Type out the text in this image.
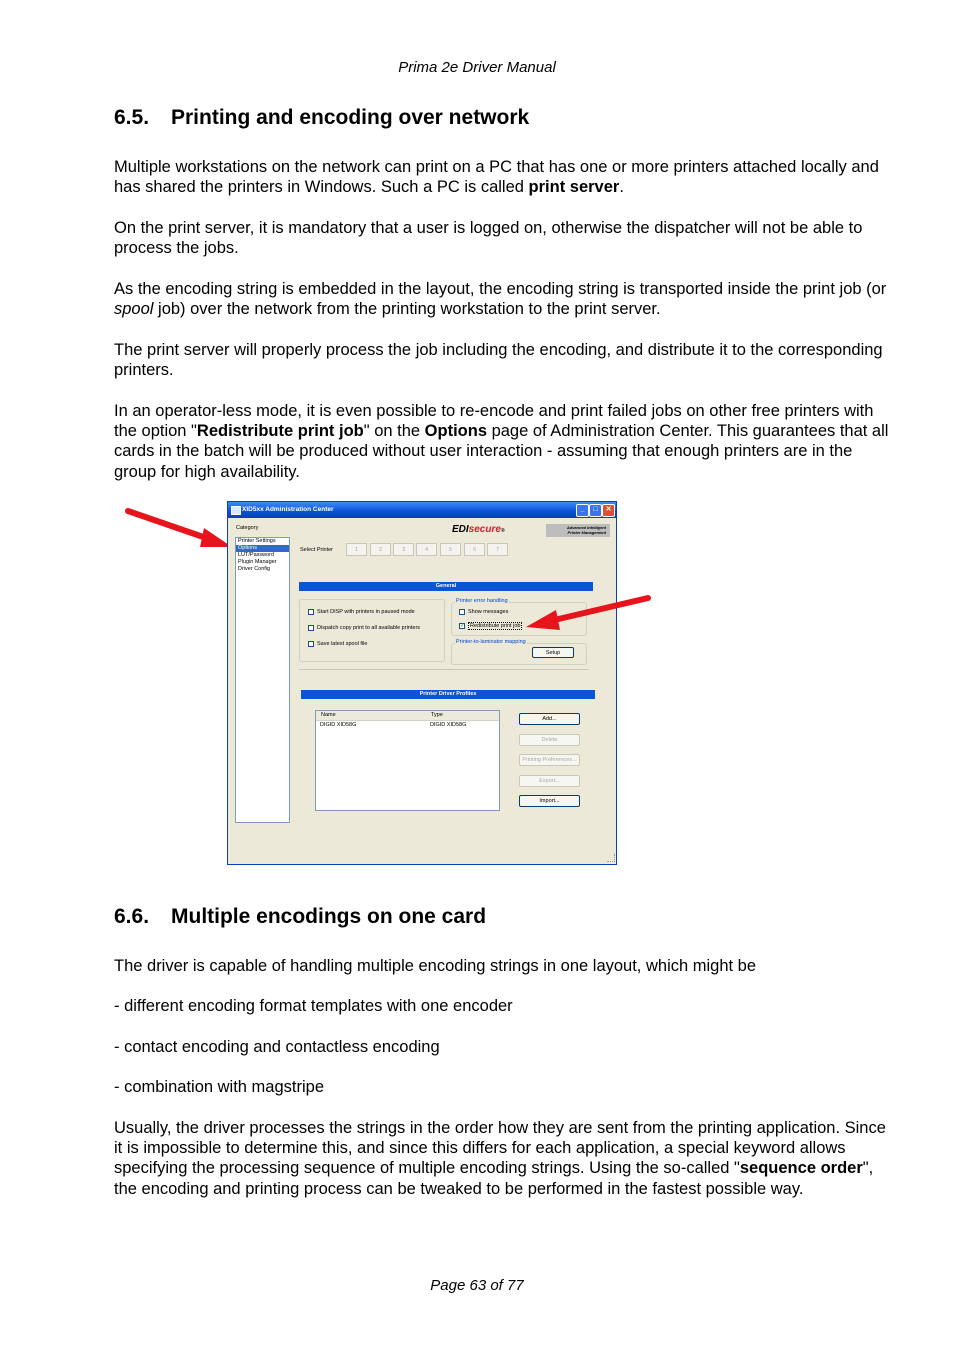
Prima 2e Driver Manual
6.5. Printing and encoding over network

Multiple workstations on the network can print on a PC that has one or more printers attached locally and has shared the printers in Windows. Such a PC is called print server.

On the print server, it is mandatory that a user is logged on, otherwise the dispatcher will not be able to process the jobs.

As the encoding string is embedded in the layout, the encoding string is transported inside the print job (or spool job) over the network from the printing workstation to the print server.

The print server will properly process the job including the encoding, and distribute it to the corresponding printers.

In an operator-less mode, it is even possible to re-encode and print failed jobs on other free printers with the option "Redistribute print job" on the Options page of Administration Center. This guarantees that all cards in the batch will be produced without user interaction - assuming that enough printers are in the group for high availability.

XID5xx Administration Center	_	□	✕
Category
Printer Settings
Options
LUT/Password
Plugin Manager
Driver Config
EDIsecure®
Advanced Intelligent
Printer Management
Select Printer	1	2	3	4	5	6	7
General
Start DISP with printers in paused mode
Dispatch copy print to all available printers
Save latest spool file
Printer error handling
Show messages
✓ Redistribute print job
Printer-to-laminator mapping
Setup
Printer Driver Profiles
Name	Type
DIGID XID58G	DIGID XID58G
Add...
Delete
Printing Preferences...
Export...
Import...
6.6. Multiple encodings on one card

The driver is capable of handling multiple encoding strings in one layout, which might be

- different encoding format templates with one encoder

- contact encoding and contactless encoding

- combination with magstripe

Usually, the driver processes the strings in the order how they are sent from the printing application. Since it is impossible to determine this, and since this differs for each application, a special keyword allows specifying the processing sequence of multiple encoding strings. Using the so-called "sequence order", the encoding and printing process can be tweaked to be performed in the fastest possible way.

Page 63 of 77
